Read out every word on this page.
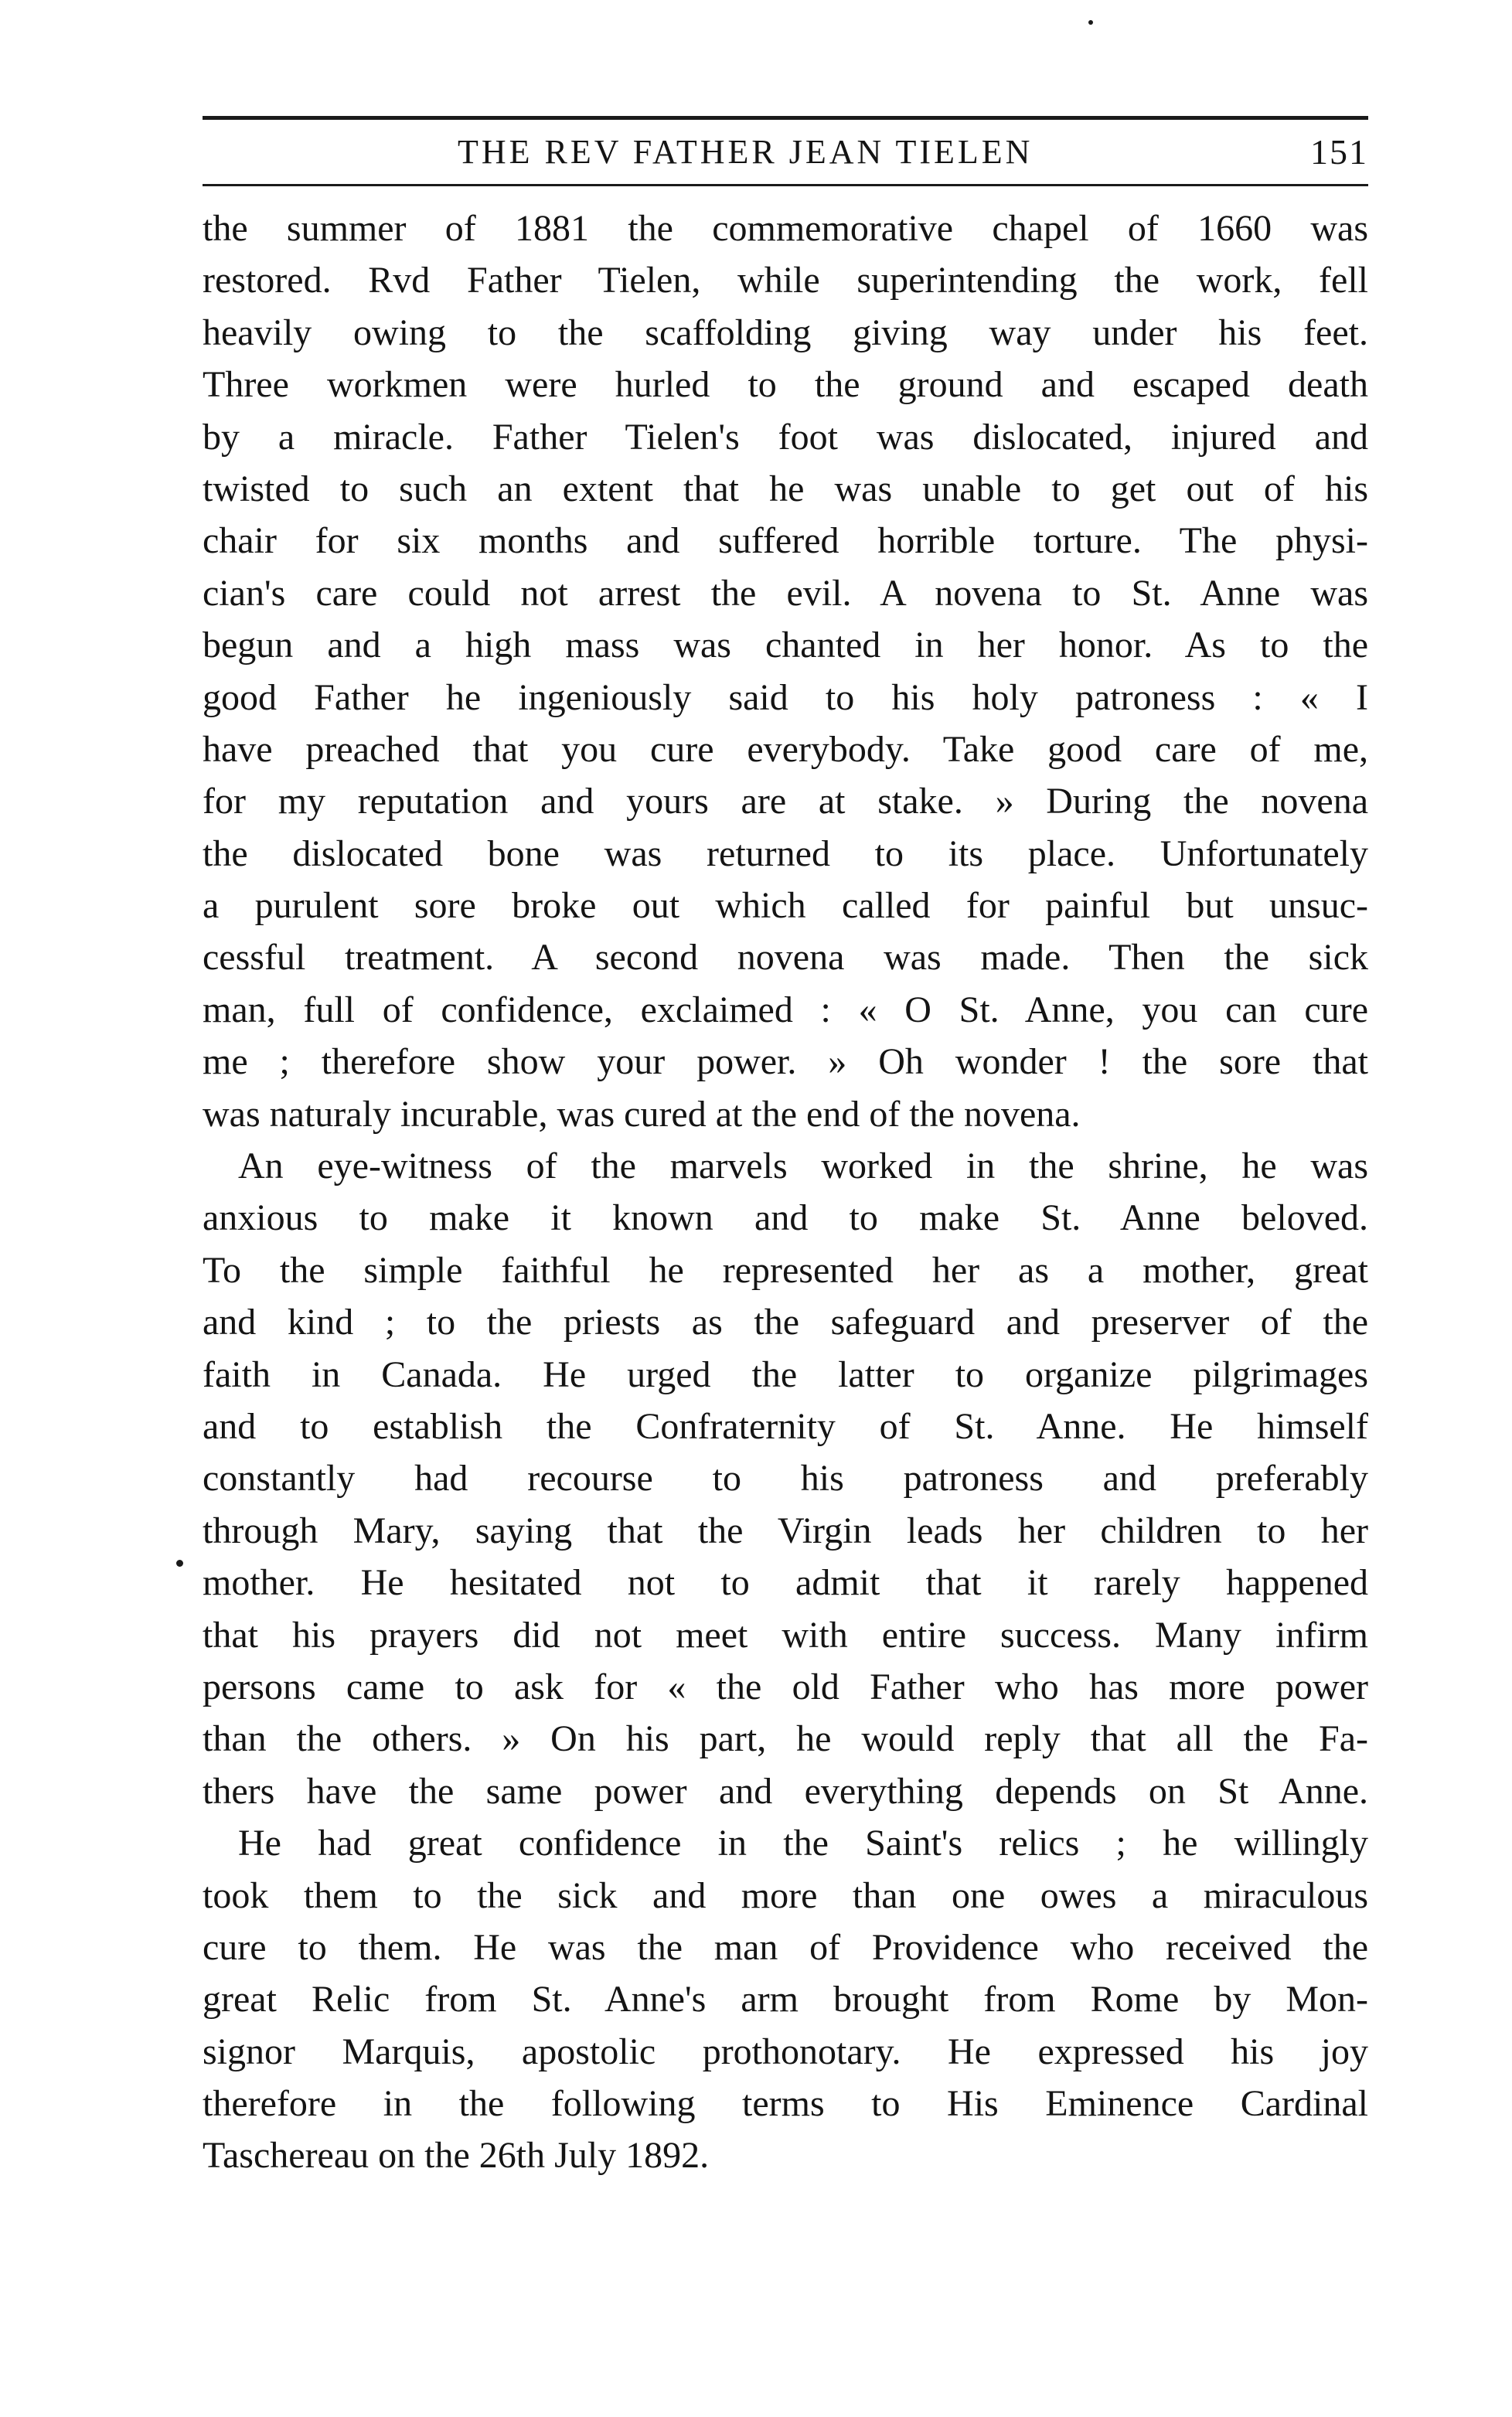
THE REV FATHER JEAN TIELEN	151
the summer of 1881 the commemorative chapel of 1660 was
restored. Rvd Father Tielen, while superintending the work, fell
heavily owing to the scaffolding giving way under his feet.
Three workmen were hurled to the ground and escaped death
by a miracle. Father Tielen's foot was dislocated, injured and
twisted to such an extent that he was unable to get out of his
chair for six months and suffered horrible torture. The physi-
cian's care could not arrest the evil. A novena to St. Anne was
begun and a high mass was chanted in her honor. As to the
good Father he ingeniously said to his holy patroness : « I
have preached that you cure everybody. Take good care of me,
for my reputation and yours are at stake. » During the novena
the dislocated bone was returned to its place. Unfortunately
a purulent sore broke out which called for painful but unsuc-
cessful treatment. A second novena was made. Then the sick
man, full of confidence, exclaimed : « O St. Anne, you can cure
me ; therefore show your power. » Oh wonder ! the sore that
was naturaly incurable, was cured at the end of the novena.
An eye-witness of the marvels worked in the shrine, he was
anxious to make it known and to make St. Anne beloved.
To the simple faithful he represented her as a mother, great
and kind ; to the priests as the safeguard and preserver of the
faith in Canada. He urged the latter to organize pilgrimages
and to establish the Confraternity of St. Anne. He himself
constantly had recourse to his patroness and preferably
through Mary, saying that the Virgin leads her children to her
mother. He hesitated not to admit that it rarely happened
that his prayers did not meet with entire success. Many infirm
persons came to ask for « the old Father who has more power
than the others. » On his part, he would reply that all the Fa-
thers have the same power and everything depends on St Anne.
He had great confidence in the Saint's relics ; he willingly
took them to the sick and more than one owes a miraculous
cure to them. He was the man of Providence who received the
great Relic from St. Anne's arm brought from Rome by Mon-
signor Marquis, apostolic prothonotary. He expressed his joy
therefore in the following terms to His Eminence Cardinal
Taschereau on the 26th July 1892.
